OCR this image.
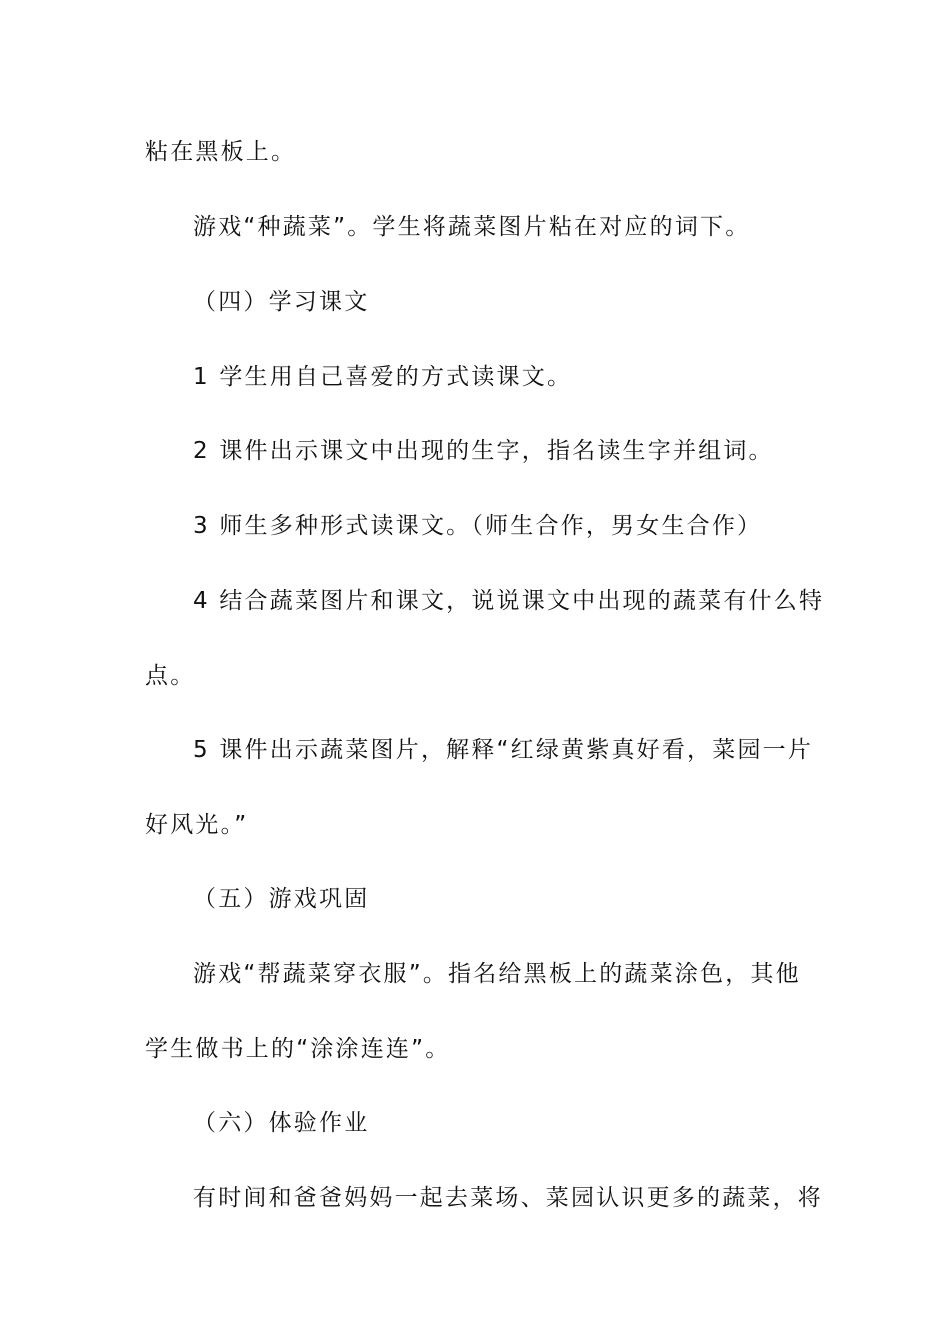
粘在黑板上。
游戏“种蔬菜”。学生将蔬菜图片粘在对应的词下。
（四）学习课文
1 学生用自己喜爱的方式读课文。
2 课件出示课文中出现的生字，指名读生字并组词。
3 师生多种形式读课文。（师生合作，男女生合作）
4 结合蔬菜图片和课文，说说课文中出现的蔬菜有什么特
点。
5 课件出示蔬菜图片，解释“红绿黄紫真好看，菜园一片
好风光。”
（五）游戏巩固
游戏“帮蔬菜穿衣服”。指名给黑板上的蔬菜涂色，其他
学生做书上的“涂涂连连”。
（六）体验作业
有时间和爸爸妈妈一起去菜场、菜园认识更多的蔬菜，将
